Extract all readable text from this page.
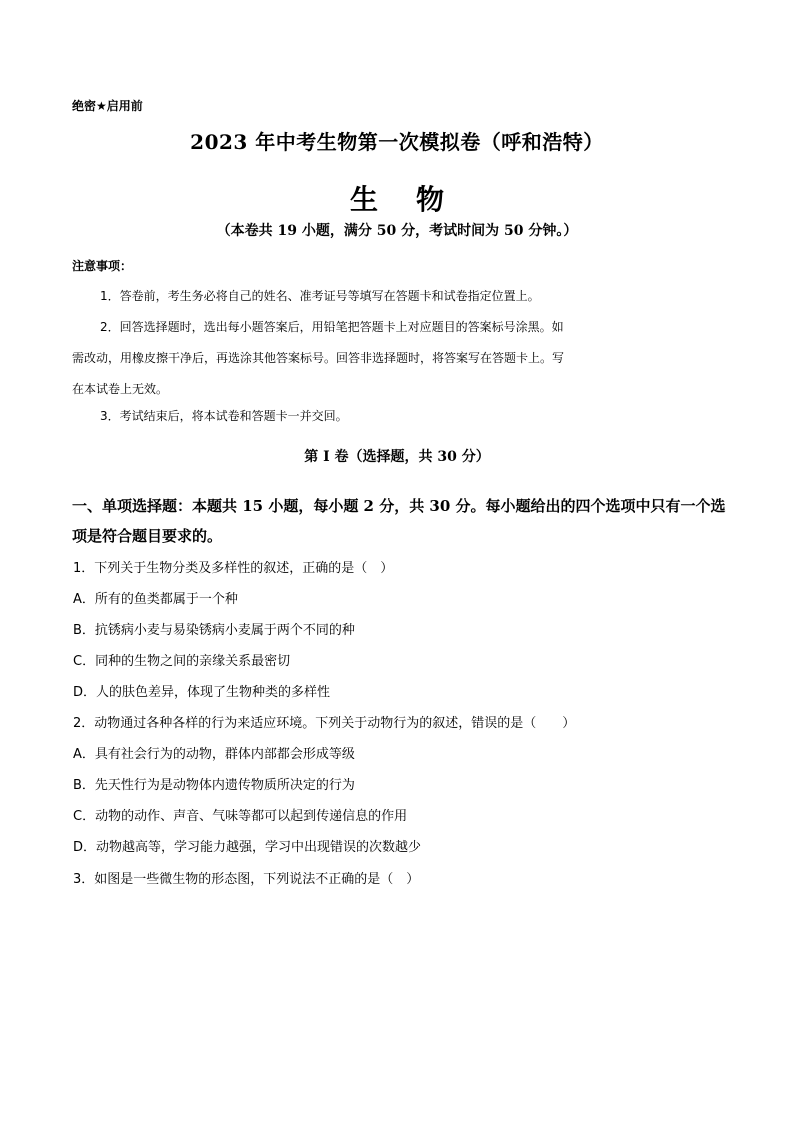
绝密★启用前
2023 年中考生物第一次模拟卷（呼和浩特）
生物
（本卷共 19 小题，满分 50 分，考试时间为 50 分钟。）
注意事项：
1．答卷前，考生务必将自己的姓名、准考证号等填写在答题卡和试卷指定位置上。
2．回答选择题时，选出每小题答案后，用铅笔把答题卡上对应题目的答案标号涂黑。如
需改动，用橡皮擦干净后，再选涂其他答案标号。回答非选择题时，将答案写在答题卡上。写
在本试卷上无效。
3．考试结束后，将本试卷和答题卡一并交回。
第 I 卷（选择题，共 30 分）
一、单项选择题：本题共 15 小题，每小题 2 分，共 30 分。每小题给出的四个选项中只有一个选项是符合题目要求的。
1．下列关于生物分类及多样性的叙述，正确的是（　）
A．所有的鱼类都属于一个种
B．抗锈病小麦与易染锈病小麦属于两个不同的种
C．同种的生物之间的亲缘关系最密切
D．人的肤色差异，体现了生物种类的多样性
2．动物通过各种各样的行为来适应环境。下列关于动物行为的叙述，错误的是（　　）
A．具有社会行为的动物，群体内部都会形成等级
B．先天性行为是动物体内遗传物质所决定的行为
C．动物的动作、声音、气味等都可以起到传递信息的作用
D．动物越高等，学习能力越强，学习中出现错误的次数越少
3．如图是一些微生物的形态图，下列说法不正确的是（　）
